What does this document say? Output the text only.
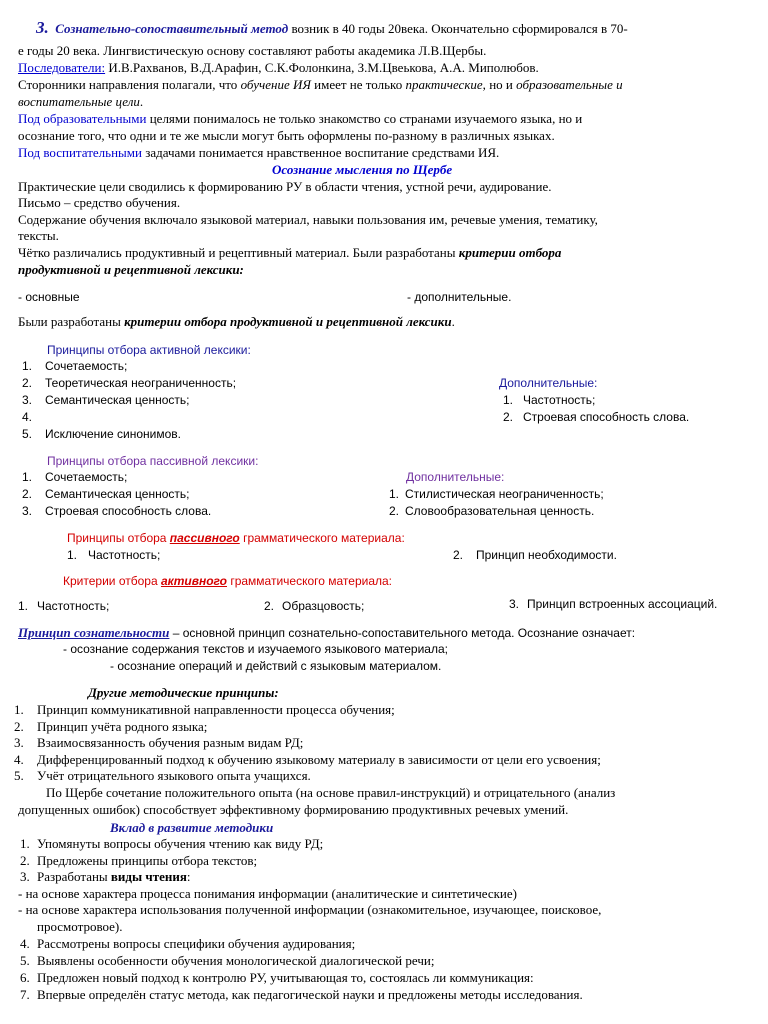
3. Сознательно-сопоставительный метод возник в 40 годы 20века. Окончательно сформировался в 70-
е годы 20 века. Лингвистическую основу составляют работы академика Л.В.Щербы.
Последователи: И.В.Рахванов, В.Д.Арафин, С.К.Фолонкина, З.М.Цвеькова, А.А. Миполюбов.
Сторонники направления полагали, что обучение ИЯ имеет не только практические, но и образовательные и
воспитательные цели.
Под образовательными целями понималось не только знакомство со странами изучаемого языка, но и
осознание того, что одни и те же мысли могут быть оформлены по-разному в различных языках.
Под воспитательными задачами понимается нравственное воспитание средствами ИЯ.
Осознание мысления по Щербе
Практические цели сводились к формированию РУ в области чтения, устной речи, аудирование.
Письмо – средство обучения.
Содержание обучения включало языковой материал, навыки пользования им, речевые умения, тематику,
тексты.
Чётко различались продуктивный и рецептивный материал. Были разработаны критерии отбора
продуктивной и рецептивной лексики:
- основные	- дополнительные.
Были разработаны критерии отбора продуктивной и рецептивной лексики.
Принципы отбора активной лексики:
1. Сочетаемость;
2. Теоретическая неограниченность;
3. Семантическая ценность;
4.
5. Исключение синонимов.
Дополнительные:
1. Частотность;
2. Строевая способность слова.
Принципы отбора пассивной лексики:
1. Сочетаемость;
2. Семантическая ценность;
3. Строевая способность слова.
Дополнительные:
1. Стилистическая неограниченность;
2. Словообразовательная ценность.
Принципы отбора пассивного грамматического материала:
1. Частотность;	2. Принцип необходимости.
Критерии отбора активного грамматического материала:
1. Частотность;	2. Образцовость;	3. Принцип встроенных ассоциаций.
Принцип сознательности – основной принцип сознательно-сопоставительного метода. Осознание означает:
- осознание содержания текстов и изучаемого языкового материала;
- осознание операций и действий с языковым материалом.
Другие методические принципы:
1. Принцип коммуникативной направленности процесса обучения;
2. Принцип учёта родного языка;
3. Взаимосвязанность обучения разным видам РД;
4. Дифференцированный подход к обучению языковому материалу в зависимости от цели его усвоения;
5. Учёт отрицательного языкового опыта учащихся.
По Щербе сочетание положительного опыта (на основе правил-инструкций) и отрицательного (анализ
допущенных ошибок) способствует эффективному формированию продуктивных речевых умений.
Вклад в развитие методики
1. Упомянуты вопросы обучения чтению как виду РД;
2. Предложены принципы отбора текстов;
3. Разработаны виды чтения:
- на основе характера процесса понимания информации (аналитические и синтетические)
- на основе характера использования полученной информации (ознакомительное, изучающее, поисковое,
просмотровое).
4. Рассмотрены вопросы специфики обучения аудирования;
5. Выявлены особенности обучения монологической диалогической речи;
6. Предложен новый подход к контролю РУ, учитывающая то, состоялась ли коммуникация:
7. Впервые определён статус метода, как педагогической науки и предложены методы исследования.
